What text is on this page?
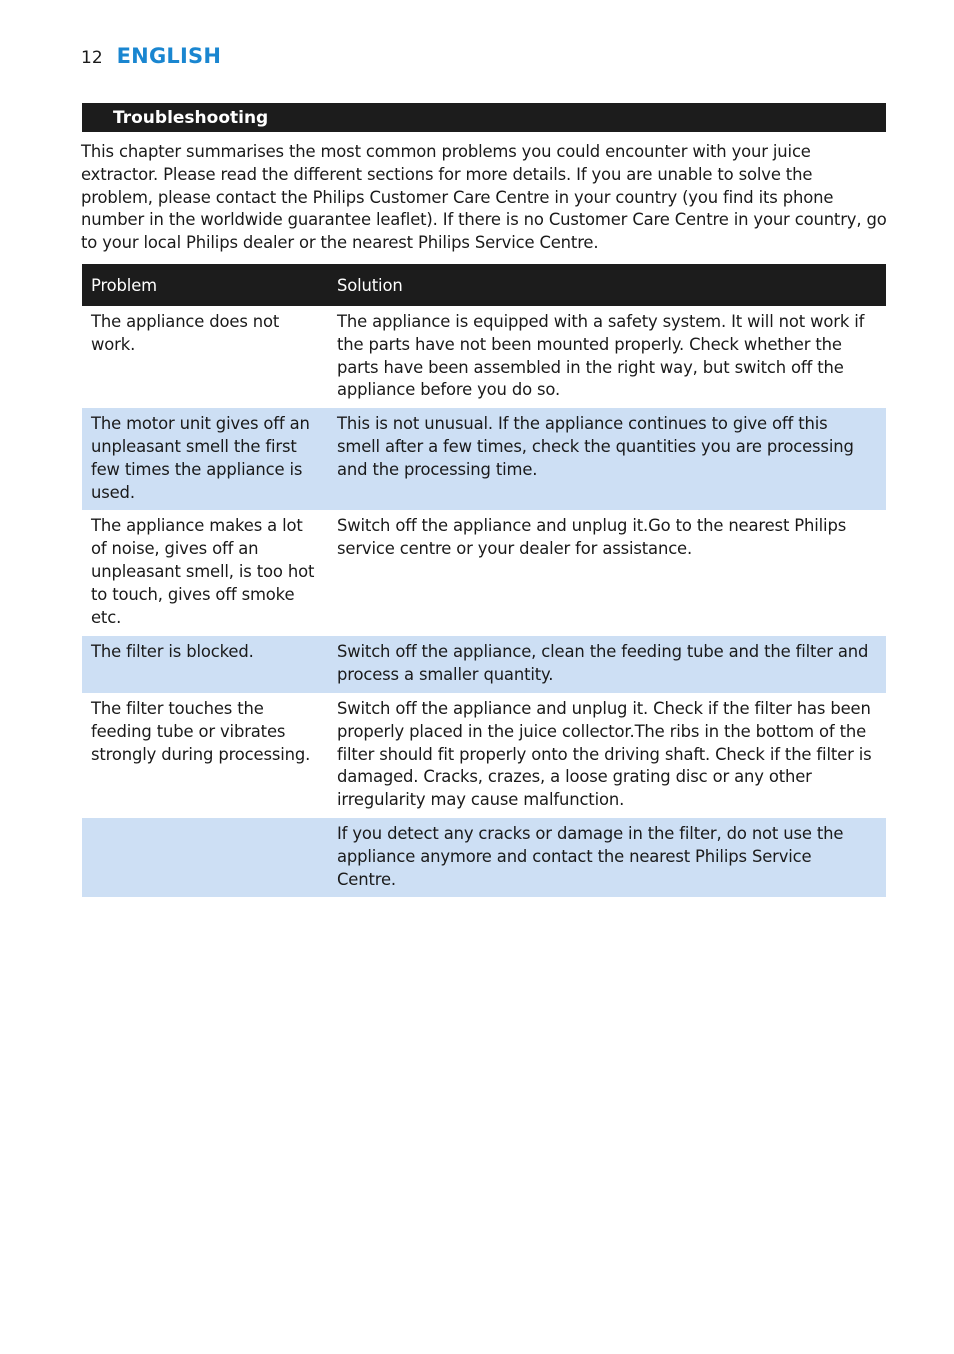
12 ENGLISH
Troubleshooting

This chapter summarises the most common problems you could encounter with your juice extractor. Please read the different sections for more details. If you are unable to solve the problem, please contact the Philips Customer Care Centre in your country (you find its phone number in the worldwide guarantee leaflet). If there is no Customer Care Centre in your country, go to your local Philips dealer or the nearest Philips Service Centre.

Problem	Solution
The appliance does not work.	The appliance is equipped with a safety system. It will not work if the parts have not been mounted properly. Check whether the parts have been assembled in the right way, but switch off the appliance before you do so.
The motor unit gives off an unpleasant smell the first few times the appliance is used.	This is not unusual. If the appliance continues to give off this smell after a few times, check the quantities you are processing and the processing time.
The appliance makes a lot of noise, gives off an unpleasant smell, is too hot to touch, gives off smoke etc.	Switch off the appliance and unplug it.Go to the nearest Philips service centre or your dealer for assistance.
The filter is blocked.	Switch off the appliance, clean the feeding tube and the filter and process a smaller quantity.
The filter touches the feeding tube or vibrates strongly during processing.	Switch off the appliance and unplug it. Check if the filter has been properly placed in the juice collector.The ribs in the bottom of the filter should fit properly onto the driving shaft. Check if the filter is damaged. Cracks, crazes, a loose grating disc or any other irregularity may cause malfunction.
	If you detect any cracks or damage in the filter, do not use the appliance anymore and contact the nearest Philips Service Centre.
